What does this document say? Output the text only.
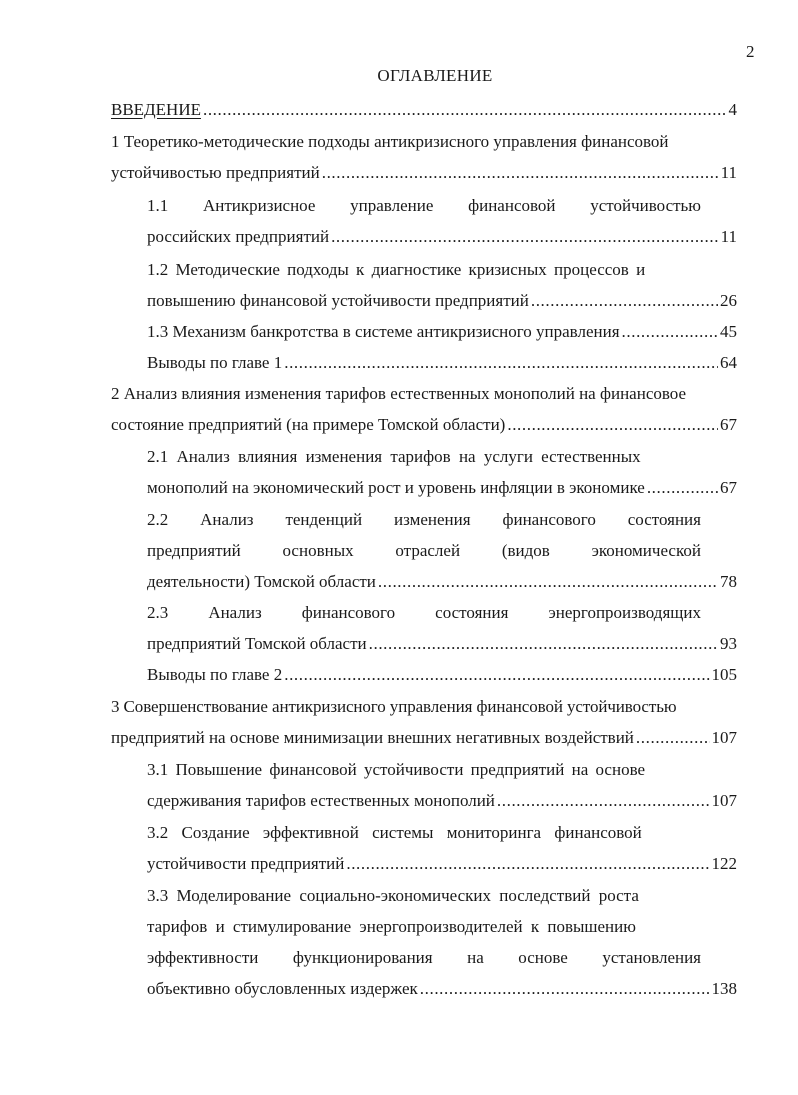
2
ОГЛАВЛЕНИЕ
ВВЕДЕНИЕ .....	4
1 Теоретико-методические подходы антикризисного управления финансовой
устойчивостью предприятий .....	11
1.1 Антикризисное управление финансовой устойчивостью
российских предприятий .....	11
1.2 Методические подходы к диагностике кризисных процессов и
повышению финансовой устойчивости предприятий .....	26
1.3 Механизм банкротства в системе антикризисного управления .....	45
Выводы по главе 1 .....	64
2 Анализ влияния изменения тарифов естественных монополий на финансовое
состояние предприятий (на примере Томской области) .....	67
2.1 Анализ влияния изменения тарифов на услуги естественных
монополий на экономический рост и уровень инфляции в экономике .....	67
2.2 Анализ тенденций изменения финансового состояния
предприятий основных отраслей (видов экономической
деятельности) Томской области .....	78
2.3 Анализ финансового состояния энергопроизводящих
предприятий Томской области .....	93
Выводы по главе 2 .....	105
3 Совершенствование антикризисного управления финансовой устойчивостью
предприятий на основе минимизации внешних негативных воздействий .....	107
3.1 Повышение финансовой устойчивости предприятий на основе
сдерживания тарифов естественных монополий .....	107
3.2 Создание эффективной системы мониторинга финансовой
устойчивости предприятий .....	122
3.3 Моделирование социально-экономических последствий роста
тарифов и стимулирование энергопроизводителей к повышению
эффективности функционирования на основе установления
объективно обусловленных издержек .....	138
